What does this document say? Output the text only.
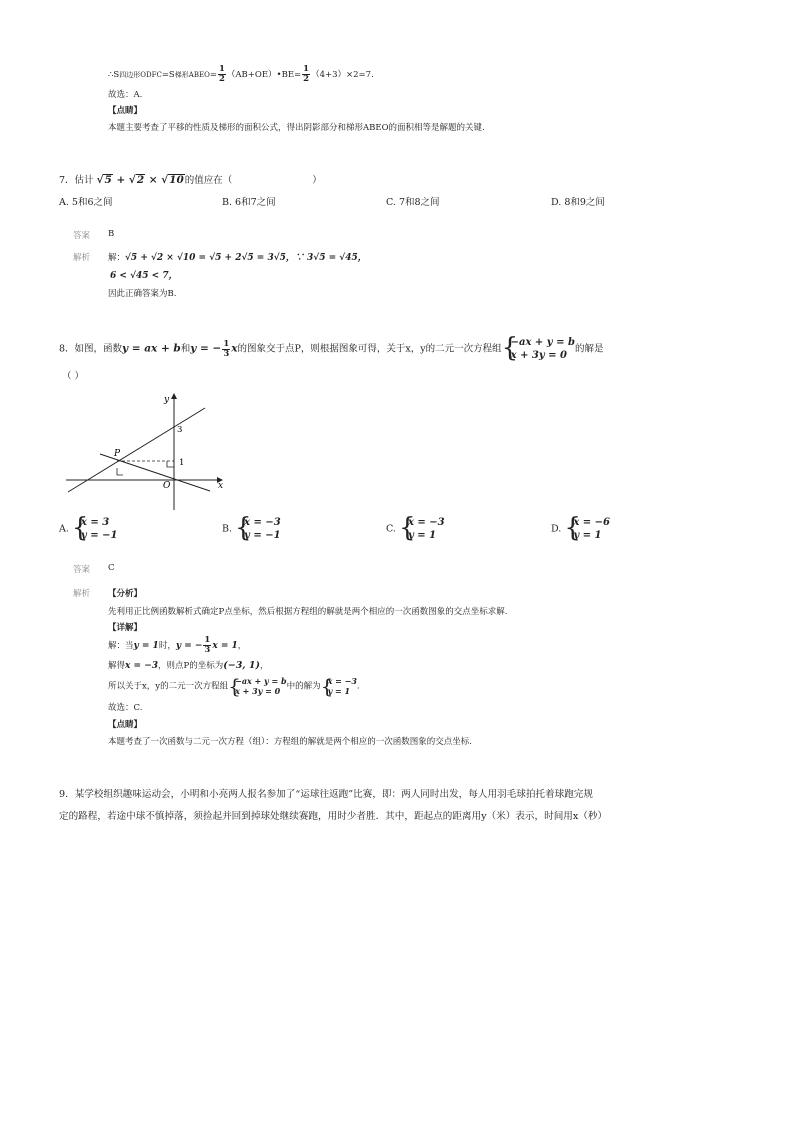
∴S四边形ODFC=S梯形ABEO= $\frac{1}{2}$ （AB+OE）•BE= $\frac{1}{2} (4+3)\times 2=7$.
故选：A.
【点睛】
本题主要考查了平移的性质及梯形的面积公式，得出阴影部分和梯形ABEO的面积相等是解题的关键.
7．估计 √5 + √2 × √10的值应在（	）
A. 5和6之间	B. 6和7之间	C. 7和8之间	D. 8和9之间
答案 B
解析 解：√5 + √2 × √10 = √5 + 2√5 = 3√5，∵ 3√5 = √45，
6 < √45 < 7，
因此正确答案为B.
8．如图，函数y = ax + b和y = − $\frac{1}{3}$ x的图象交于点P，则根据图象可得，关于x，y的二元一次方程组 {
−ax + y = b
x + 3y = 0
的解是
（ ）
y
x
O
P
3
1
A. {
x = 3
y = −1
B. {
x = −3
y = −1
C. {
x = −3
y = 1
D. {
x = −6
y = 1
答案 C
解析 【分析】
先利用正比例函数解析式确定P点坐标，然后根据方程组的解就是两个相应的一次函数图象的交点坐标求解.
【详解】
解：当y = 1时，y = − $\frac{1}{3}$ x = 1，
解得x = −3，则点P的坐标为(−3, 1)，
所以关于x，y的二元一次方程组 {
−ax + y = b
x + 3y = 0 中的解为 {
x = −3
y = 1 .
故选：C.
【点睛】
本题考查了一次函数与二元一次方程（组）：方程组的解就是两个相应的一次函数图象的交点坐标.
9．某学校组织趣味运动会，小明和小亮两人报名参加了“运球往返跑”比赛，即：两人同时出发，每人用羽毛球拍托着球跑完规
定的路程，若途中球不慎掉落，须捡起并回到掉球处继续赛跑，用时少者胜．其中，距起点的距离用y（米）表示，时间用x（秒）
